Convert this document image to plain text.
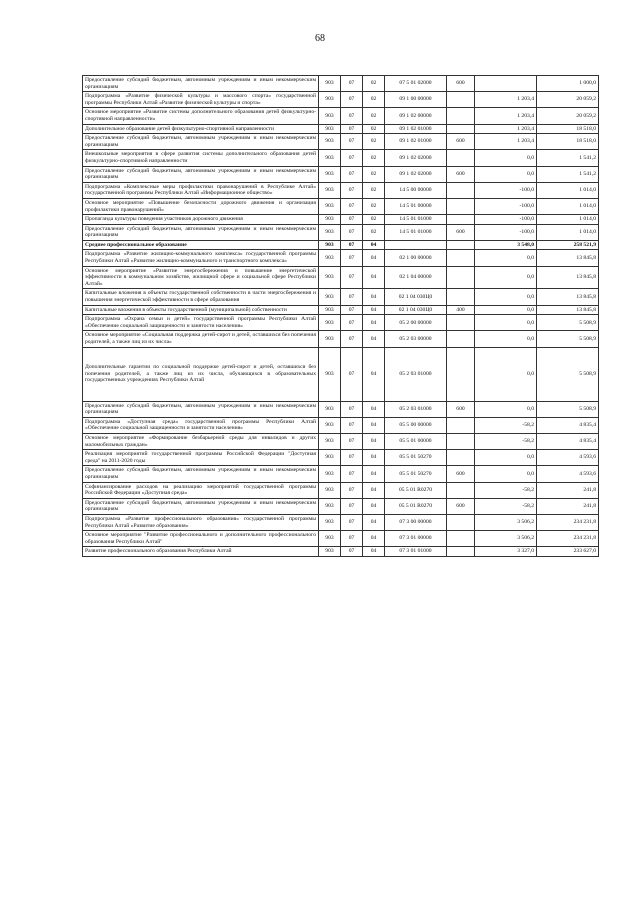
68
Предоставление субсидий бюджетным, автономным учреждениям и иным некоммерческим организациям	903	07	02	07 5 01 02000	600		1 000,0
Подпрограмма «Развитие физической культуры и массового спорта» государственной программы Республики Алтай «Развитие физической культуры и спорта»	903	07	02	09 1 00 00000		1 203,4	20 059,2
Основное мероприятие «Развитие системы дополнительного образования детей физкультурно-спортивной направленности»	903	07	02	09 1 02 00000		1 203,4	20 059,2
Дополнительное образование детей физкультурно-спортивной направленности	903	07	02	09 1 02 01000		1 203,4	18 518,0
Предоставление субсидий бюджетным, автономным учреждениям и иным некоммерческим организациям	903	07	02	09 1 02 01000	600	1 203,4	18 518,0
Внешкольные мероприятия в сфере развития системы дополнительного образования детей физкультурно-спортивной направленности	903	07	02	09 1 02 02000		0,0	1 541,2
Предоставление субсидий бюджетным, автономным учреждениям и иным некоммерческим организациям	903	07	02	09 1 02 02000	600	0,0	1 541,2
Подпрограмма «Комплексные меры профилактики правонарушений в Республике Алтай» государственной программы Республики Алтай «Информационное общество»	903	07	02	14 5 00 00000		-100,0	1 014,0
Основное мероприятие «Повышение безопасности дорожного движения и организация профилактики правонарушений»	903	07	02	14 5 01 00000		-100,0	1 014,0
Пропаганда культуры поведения участников дорожного движения	903	07	02	14 5 01 01000		-100,0	1 014,0
Предоставление субсидий бюджетным, автономным учреждениям и иным некоммерческим организациям	903	07	02	14 5 01 01000	600	-100,0	1 014,0
Среднее профессиональное образование	903	07	04			3 548,0	258 521,9
Подпрограмма «Развитие жилищно-коммунального комплекса» государственной программы Республики Алтай «Развитие жилищно-коммунального и транспортного комплекса»	903	07	04	02 1 00 00000		0,0	13 845,8
Основное мероприятие «Развитие энергосбережения и повышение энергетической эффективности в коммунальном хозяйстве, жилищной сфере и социальной сфере Республики Алтай»	903	07	04	02 1 04 00000		0,0	13 845,8
Капитальные вложения в объекты государственной собственности в части энергосбережения и повышения энергетической эффективности в сфере образования	903	07	04	02 1 04 030Ц0		0,0	13 845,8
Капитальные вложения в объекты государственной (муниципальной) собственности	903	07	04	02 1 04 030Ц0	400	0,0	13 845,8
Подпрограмма «Охрана семьи и детей» государственной программы Республики Алтай «Обеспечение социальной защищенности и занятости населения»	903	07	04	05 2 00 00000		0,0	5 508,9
Основное мероприятие «Социальная поддержка детей-сирот и детей, оставшихся без попечения родителей, а также лиц из их числа»	903	07	04	05 2 03 00000		0,0	5 508,9
Дополнительные гарантии по социальной поддержке детей-сирот и детей, оставшихся без попечения родителей, а также лиц из их числа, обучающихся в образовательных государственных учреждениях Республики Алтай	903	07	04	05 2 03 01000		0,0	5 508,9
Предоставление субсидий бюджетным, автономным учреждениям и иным некоммерческим организациям	903	07	04	05 2 03 01000	600	0,0	5 508,9
Подпрограмма «Доступная среда» государственной программы Республики Алтай «Обеспечение социальной защищенности и занятости населения»	903	07	04	05 5 00 00000		-58,2	4 835,4
Основное мероприятие «Формирование безбарьерной среды для инвалидов и других маломобильных граждан»	903	07	04	05 5 01 00000		-58,2	4 835,4
Реализация мероприятий государственной программы Российской Федерации "Доступная среда" на 2011-2020 годы	903	07	04	05 5 01 50270		0,0	4 593,6
Предоставление субсидий бюджетным, автономным учреждениям и иным некоммерческим организациям	903	07	04	05 5 01 50270	600	0,0	4 593,6
Софинансирование расходов на реализацию мероприятий государственной программы Российской Федерации «Доступная среда»	903	07	04	05 5 01 R0270		-58,2	241,8
Предоставление субсидий бюджетным, автономным учреждениям и иным некоммерческим организациям	903	07	04	05 5 01 R0270	600	-58,2	241,8
Подпрограмма «Развитие профессионального образования» государственной программы Республики Алтай «Развитие образования»	903	07	04	07 3 00 00000		3 506,2	234 231,8
Основное мероприятие "Развитие профессионального и дополнительного профессионального образования Республики Алтай"	903	07	04	07 3 01 00000		3 506,2	234 231,8
Развитие профессионального образования Республики Алтай	903	07	04	07 3 01 01000		3 327,0	233 627,0
